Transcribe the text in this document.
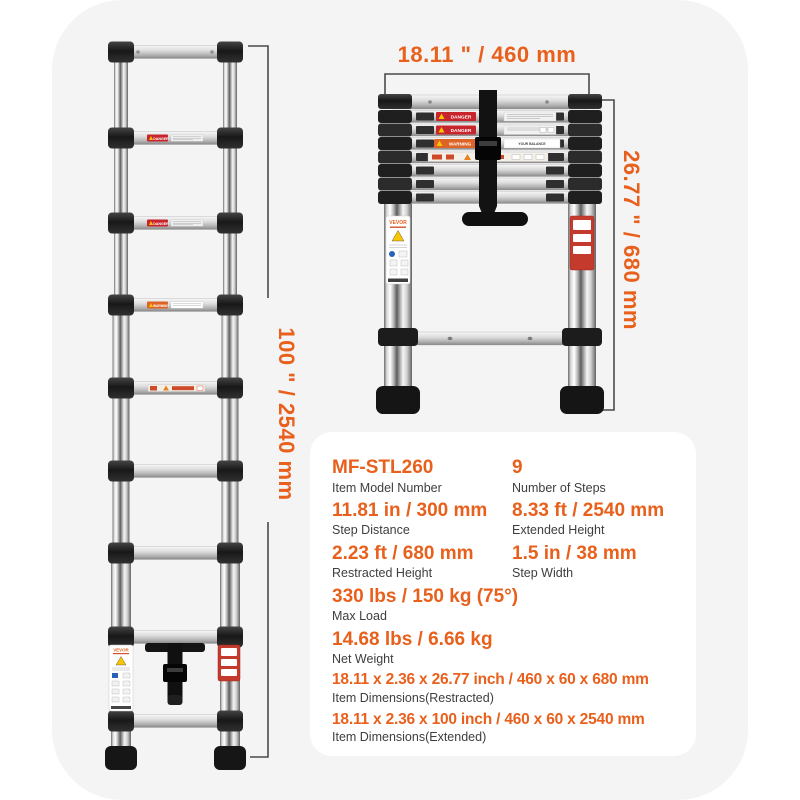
18.11 " / 460 mm
26.77 " / 680 mm
100 " / 2540 mm
DANGER
DANGER
WARNING
VEVOR
DANGER
DANGER
WARNING	YOUR BALANCE
VEVOR
MF-STL260
Item Model Number
9
Number of Steps
11.81 in / 300 mm
Step Distance
8.33 ft / 2540 mm
Extended Height
2.23 ft / 680 mm
Restracted Height
1.5 in / 38 mm
Step Width
330 lbs / 150 kg (75°)
Max Load
14.68 lbs / 6.66 kg
Net Weight
18.11 x 2.36 x 26.77 inch / 460 x 60 x 680 mm
Item Dimensions(Restracted)
18.11 x 2.36 x 100 inch / 460 x 60 x 2540 mm
Item Dimensions(Extended)
